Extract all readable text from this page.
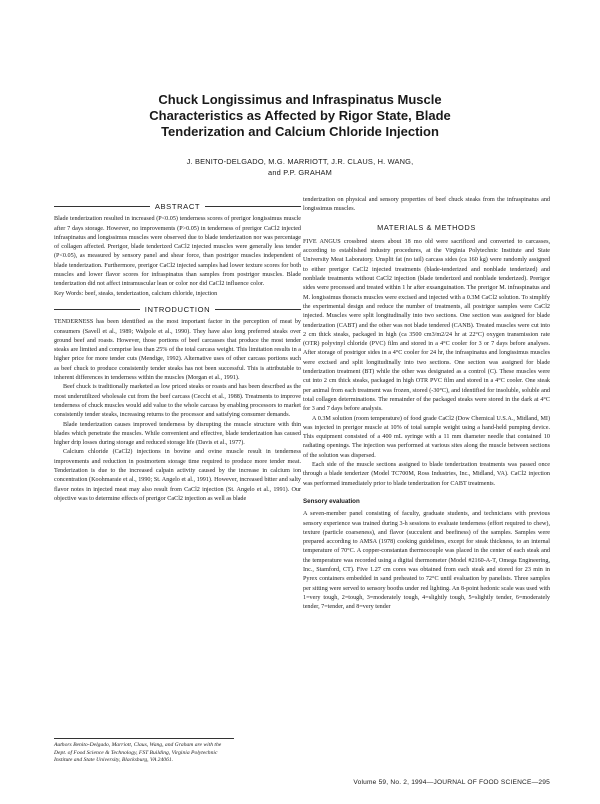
Chuck Longissimus and Infraspinatus Muscle
Characteristics as Affected by Rigor State, Blade
Tenderization and Calcium Chloride Injection
J. BENITO-DELGADO, M.G. MARRIOTT, J.R. CLAUS, H. WANG,
and P.P. GRAHAM
ABSTRACT

Blade tenderization resulted in increased (P<0.05) tenderness scores of prerigor longissimus muscle after 7 days storage. However, no improvements (P>0.05) in tenderness of prerigor CaCl2 injected infraspinatus and longissimus muscles were observed due to blade tenderization nor was percentage of collagen affected. Prerigor, blade tenderized CaCl2 injected muscles were generally less tender (P<0.05), as measured by sensory panel and shear force, than postrigor muscles independent of blade tenderization. Furthermore, prerigor CaCl2 injected samples had lower texture scores for both muscles and lower flavor scores for infraspinatus than samples from postrigor muscles. Blade tenderization did not affect intramuscular lean or color nor did CaCl2 influence color.

Key Words: beef, steaks, tenderization, calcium chloride, injection

INTRODUCTION

TENDERNESS has been identified as the most important factor in the perception of meat by consumers (Savell et al., 1989; Walpole et al., 1990). They have also long preferred steaks over ground beef and roasts. However, those portions of beef carcasses that produce the most tender steaks are limited and comprise less than 25% of the total carcass weight. This limitation results in a higher price for more tender cuts (Mendige, 1992). Alternative uses of other carcass portions such as beef chuck to produce consistently tender steaks has not been successful. This is attributable to inherent differences in tenderness within the muscles (Morgan et al., 1991).

Beef chuck is traditionally marketed as low priced steaks or roasts and has been described as the most underutilized wholesale cut from the beef carcass (Cecchi et al., 1988). Treatments to improve tenderness of chuck muscles would add value to the whole carcass by enabling processors to market consistently tender steaks, increasing returns to the processor and satisfying consumer demands.

Blade tenderization causes improved tenderness by disrupting the muscle structure with thin blades which penetrate the muscles. While convenient and effective, blade tenderization has caused higher drip losses during storage and reduced storage life (Davis et al., 1977).

Calcium chloride (CaCl2) injections in bovine and ovine muscle result in tenderness improvements and reduction in postmortem storage time required to produce more tender meat. Tenderization is due to the increased calpain activity caused by the increase in calcium ion concentration (Koohmaraie et al., 1990; St. Angelo et al., 1991). However, increased bitter and salty flavor notes in injected meat may also result from CaCl2 injection (St. Angelo et al., 1991). Our objective was to determine effects of prerigor CaCl2 injection as well as blade

Authors Benito-Delgado, Marriott, Claus, Wang, and Graham are with the Dept. of Food Science & Technology, FST Building, Virginia Polytechnic Institute and State University, Blacksburg, VA 24061.

tenderization on physical and sensory properties of beef chuck steaks from the infraspinatus and longissimus muscles.

MATERIALS & METHODS

FIVE ANGUS crossbred steers about 18 mo old were sacrificed and converted to carcasses, according to established industry procedures, at the Virginia Polytechnic Institute and State University Meat Laboratory. Unsplit fat (no tail) carcass sides (ca 160 kg) were randomly assigned to either prerigor CaCl2 injected treatments (blade-tenderized and nonblade tenderized) and nonblade treatments without CaCl2 injection (blade tenderized and nonblade tenderized). Prerigor sides were processed and treated within 1 hr after exsanguination. The prerigor M. infraspinatus and M. longissimus thoracis muscles were excised and injected with a 0.3M CaCl2 solution. To simplify the experimental design and reduce the number of treatments, all postrigor samples were CaCl2 injected. Muscles were split longitudinally into two sections. One section was assigned for blade tenderization (CABT) and the other was not blade tendered (CANB). Treated muscles were cut into 2 cm thick steaks, packaged in high (ca 3500 cm3/m2/24 hr at 22°C) oxygen transmission rate (OTR) polyvinyl chloride (PVC) film and stored in a 4°C cooler for 3 or 7 days before analyses. After storage of postrigor sides in a 4°C cooler for 24 hr, the infraspinatus and longissimus muscles were excised and split longitudinally into two sections. One section was assigned for blade tenderization treatment (BT) while the other was designated as a control (C). These muscles were cut into 2 cm thick steaks, packaged in high OTR PVC film and stored in a 4°C cooler. One steak per animal from each treatment was frozen, stored (-30°C), and identified for insoluble, soluble and total collagen determinations. The remainder of the packaged steaks were stored in the dark at 4°C for 3 and 7 days before analysis.

A 0.3M solution (room temperature) of food grade CaCl2 (Dow Chemical U.S.A., Midland, MI) was injected in prerigor muscle at 10% of total sample weight using a hand-held pumping device. This equipment consisted of a 400 mL syringe with a 11 mm diameter needle that contained 10 radiating openings. The injection was performed at various sites along the muscle between sections of the solution was dispersed.

Each side of the muscle sections assigned to blade tenderization treatments was passed once through a blade tenderizer (Model TC700M, Ross Industries, Inc., Midland, VA). CaCl2 injection was performed immediately prior to blade tenderization for CABT treatments.

Sensory evaluation

A seven-member panel consisting of faculty, graduate students, and technicians with previous sensory experience was trained during 3-h sessions to evaluate tenderness (effort required to chew), texture (particle coarseness), and flavor (succulent and beefiness) of the samples. Samples were prepared according to AMSA (1978) cooking guidelines, except for steak thickness, to an internal temperature of 70°C. A copper-constantan thermocouple was placed in the center of each steak and the temperature was recorded using a digital thermometer (Model #2160-A-T, Omega Engineering, Inc., Stamford, CT). Five 1.27 cm cores was obtained from each steak and stored for 23 min in Pyrex containers embedded in sand preheated to 72°C until evaluation by panelists. Three samples per sitting were served to sensory booths under red lighting. An 8-point hedonic scale was used with 1=very tough, 2=tough, 3=moderately tough, 4=slightly tough, 5=slightly tender, 6=moderately tender, 7=tender, and 8=very tender

Volume 59, No. 2, 1994—JOURNAL OF FOOD SCIENCE—295
